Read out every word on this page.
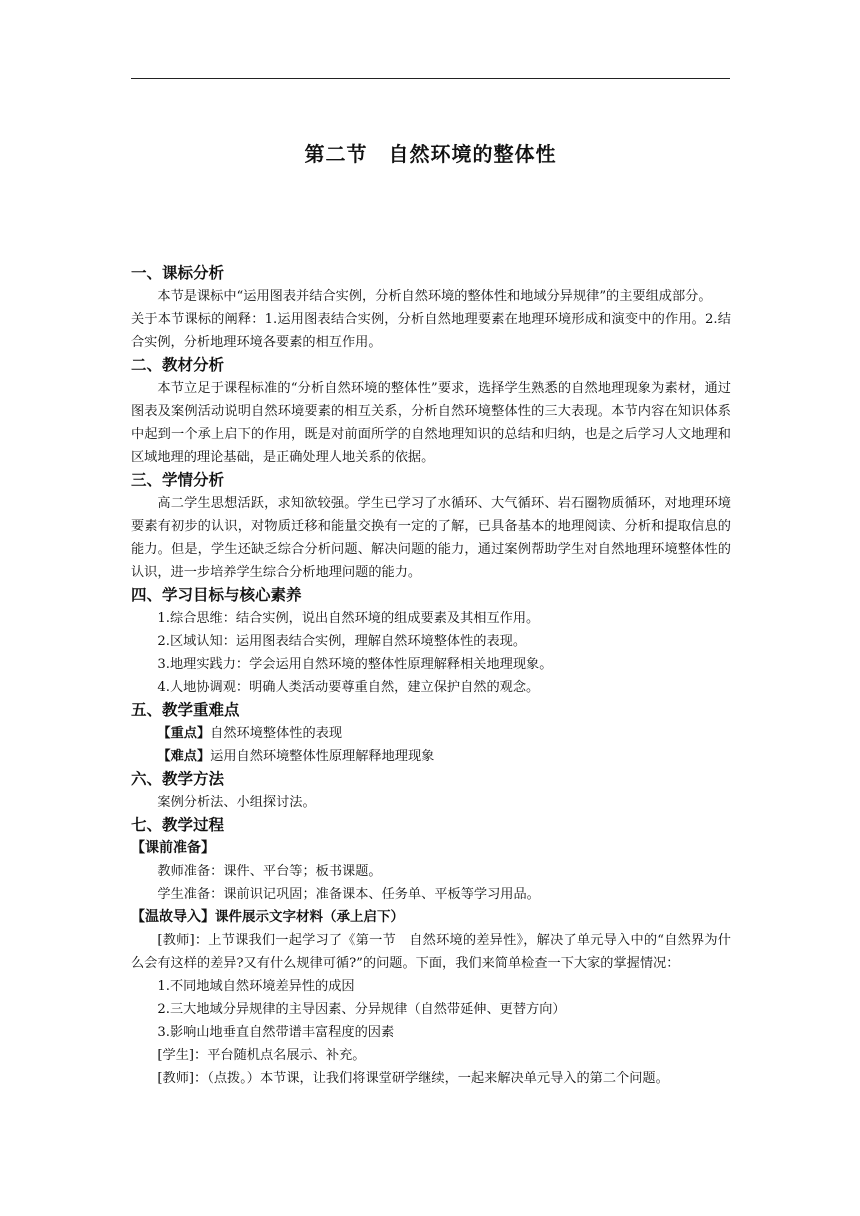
第二节　自然环境的整体性
一、课标分析
本节是课标中“运用图表并结合实例，分析自然环境的整体性和地域分异规律”的主要组成部分。
关于本节课标的阐释：1.运用图表结合实例，分析自然地理要素在地理环境形成和演变中的作用。2.结合实例，分析地理环境各要素的相互作用。
二、教材分析
本节立足于课程标准的“分析自然环境的整体性”要求，选择学生熟悉的自然地理现象为素材，通过图表及案例活动说明自然环境要素的相互关系，分析自然环境整体性的三大表现。本节内容在知识体系中起到一个承上启下的作用，既是对前面所学的自然地理知识的总结和归纳，也是之后学习人文地理和区域地理的理论基础，是正确处理人地关系的依据。
三、学情分析
高二学生思想活跃，求知欲较强。学生已学习了水循环、大气循环、岩石圈物质循环，对地理环境要素有初步的认识，对物质迁移和能量交换有一定的了解，已具备基本的地理阅读、分析和提取信息的能力。但是，学生还缺乏综合分析问题、解决问题的能力，通过案例帮助学生对自然地理环境整体性的认识，进一步培养学生综合分析地理问题的能力。
四、学习目标与核心素养
1.综合思维：结合实例，说出自然环境的组成要素及其相互作用。
2.区域认知：运用图表结合实例，理解自然环境整体性的表现。
3.地理实践力：学会运用自然环境的整体性原理解释相关地理现象。
4.人地协调观：明确人类活动要尊重自然，建立保护自然的观念。
五、教学重难点
【重点】自然环境整体性的表现
【难点】运用自然环境整体性原理解释地理现象
六、教学方法
案例分析法、小组探讨法。
七、教学过程
【课前准备】
教师准备：课件、平台等；板书课题。
学生准备：课前识记巩固；准备课本、任务单、平板等学习用品。
【温故导入】课件展示文字材料（承上启下）
[教师]：上节课我们一起学习了《第一节　自然环境的差异性》，解决了单元导入中的“自然界为什么会有这样的差异?又有什么规律可循?”的问题。下面，我们来简单检查一下大家的掌握情况：
1.不同地域自然环境差异性的成因
2.三大地域分异规律的主导因素、分异规律（自然带延伸、更替方向）
3.影响山地垂直自然带谱丰富程度的因素
[学生]：平台随机点名展示、补充。
[教师]：（点拨。）本节课，让我们将课堂研学继续，一起来解决单元导入的第二个问题。
